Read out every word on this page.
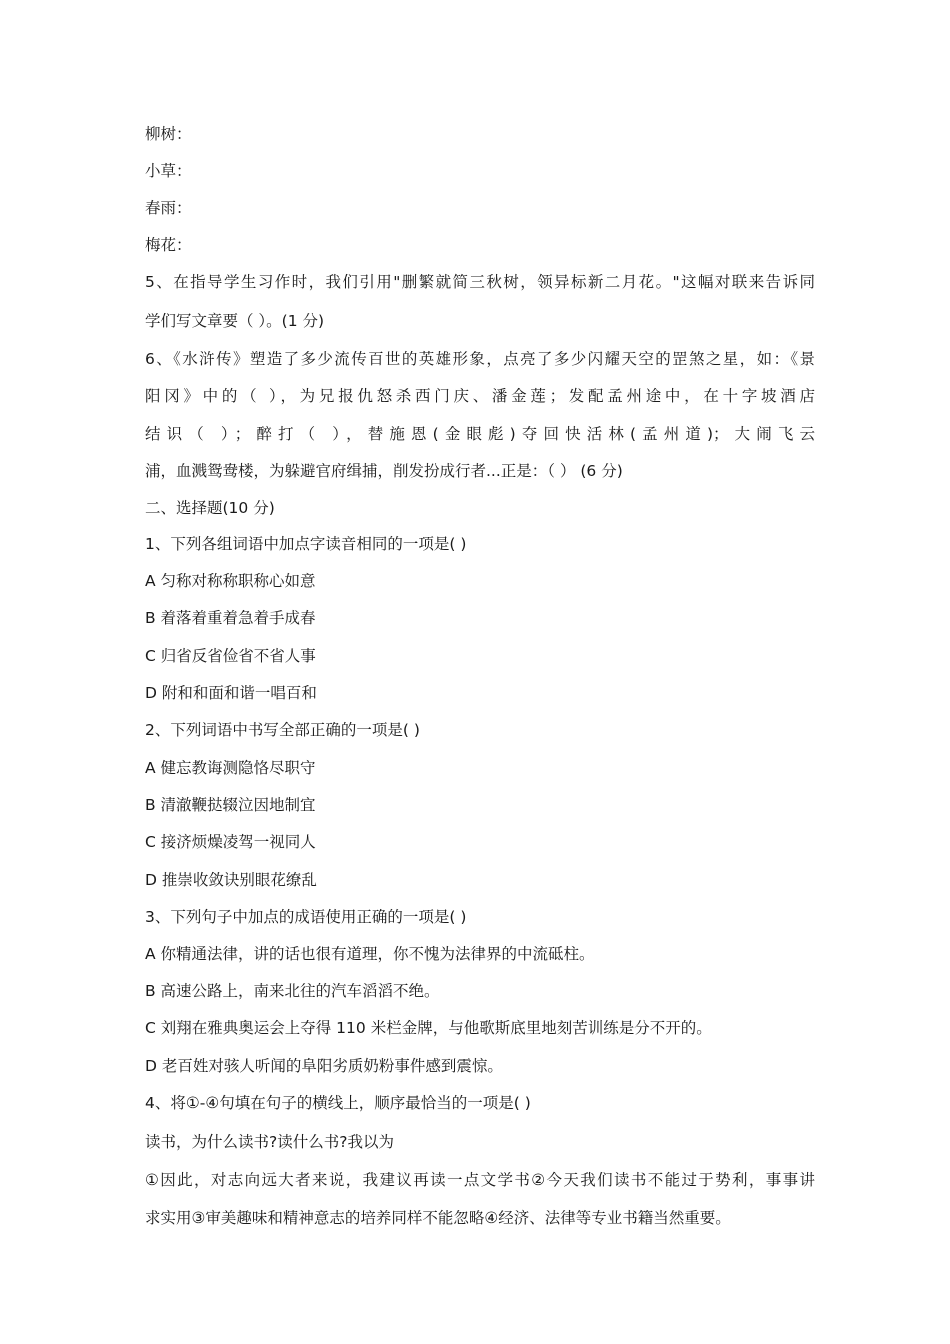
柳树：
小草：
春雨：
梅花：
5、在指导学生习作时，我们引用"删繁就简三秋树，领异标新二月花。"这幅对联来告诉同
学们写文章要（ ）。(1 分)
6、《水浒传》塑造了多少流传百世的英雄形象，点亮了多少闪耀天空的罡煞之星，如：《景
阳冈》中的（ ），为兄报仇怒杀西门庆、潘金莲；发配孟州途中，在十字坡酒店
结识（ ）；醉打（ ），替施恩(金眼彪)夺回快活林(孟州道)；大闹飞云
浦，血溅鸳鸯楼，为躲避官府缉捕，削发扮成行者...正是：（ ） (6 分)
二、选择题(10 分)
1、下列各组词语中加点字读音相同的一项是( )
A 匀称对称称职称心如意
B 着落着重着急着手成春
C 归省反省俭省不省人事
D 附和和面和谐一唱百和
2、下列词语中书写全部正确的一项是( )
A 健忘教诲测隐恪尽职守
B 清澈鞭挞辍泣因地制宜
C 接济烦燥凌驾一视同人
D 推崇收敛诀别眼花缭乱
3、下列句子中加点的成语使用正确的一项是( )
A 你精通法律，讲的话也很有道理，你不愧为法律界的中流砥柱。
B 高速公路上，南来北往的汽车滔滔不绝。
C 刘翔在雅典奥运会上夺得 110 米栏金牌，与他歌斯底里地刻苦训练是分不开的。
D 老百姓对骇人听闻的阜阳劣质奶粉事件感到震惊。
4、将①-④句填在句子的横线上，顺序最恰当的一项是( )
读书，为什么读书?读什么书?我以为
①因此，对志向远大者来说，我建议再读一点文学书②今天我们读书不能过于势利，事事讲
求实用③审美趣味和精神意志的培养同样不能忽略④经济、法律等专业书籍当然重要。
